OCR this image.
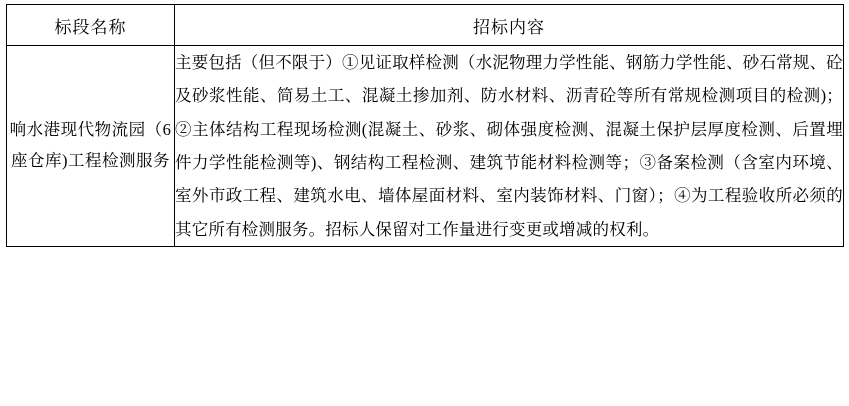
标段名称	招标内容
响水港现代物流园（6 座仓库)工程检测服务	主要包括（但不限于）①见证取样检测（水泥物理力学性能、钢筋力学性能、砂石常规、砼及砂浆性能、简易土工、混凝土掺加剂、防水材料、沥青砼等所有常规检测项目的检测)；②主体结构工程现场检测(混凝土、砂浆、砌体强度检测、混凝土保护层厚度检测、后置埋件力学性能检测等)、钢结构工程检测、建筑节能材料检测等；③备案检测（含室内环境、室外市政工程、建筑水电、墙体屋面材料、室内装饰材料、门窗）；④为工程验收所必须的其它所有检测服务。招标人保留对工作量进行变更或增减的权利。
